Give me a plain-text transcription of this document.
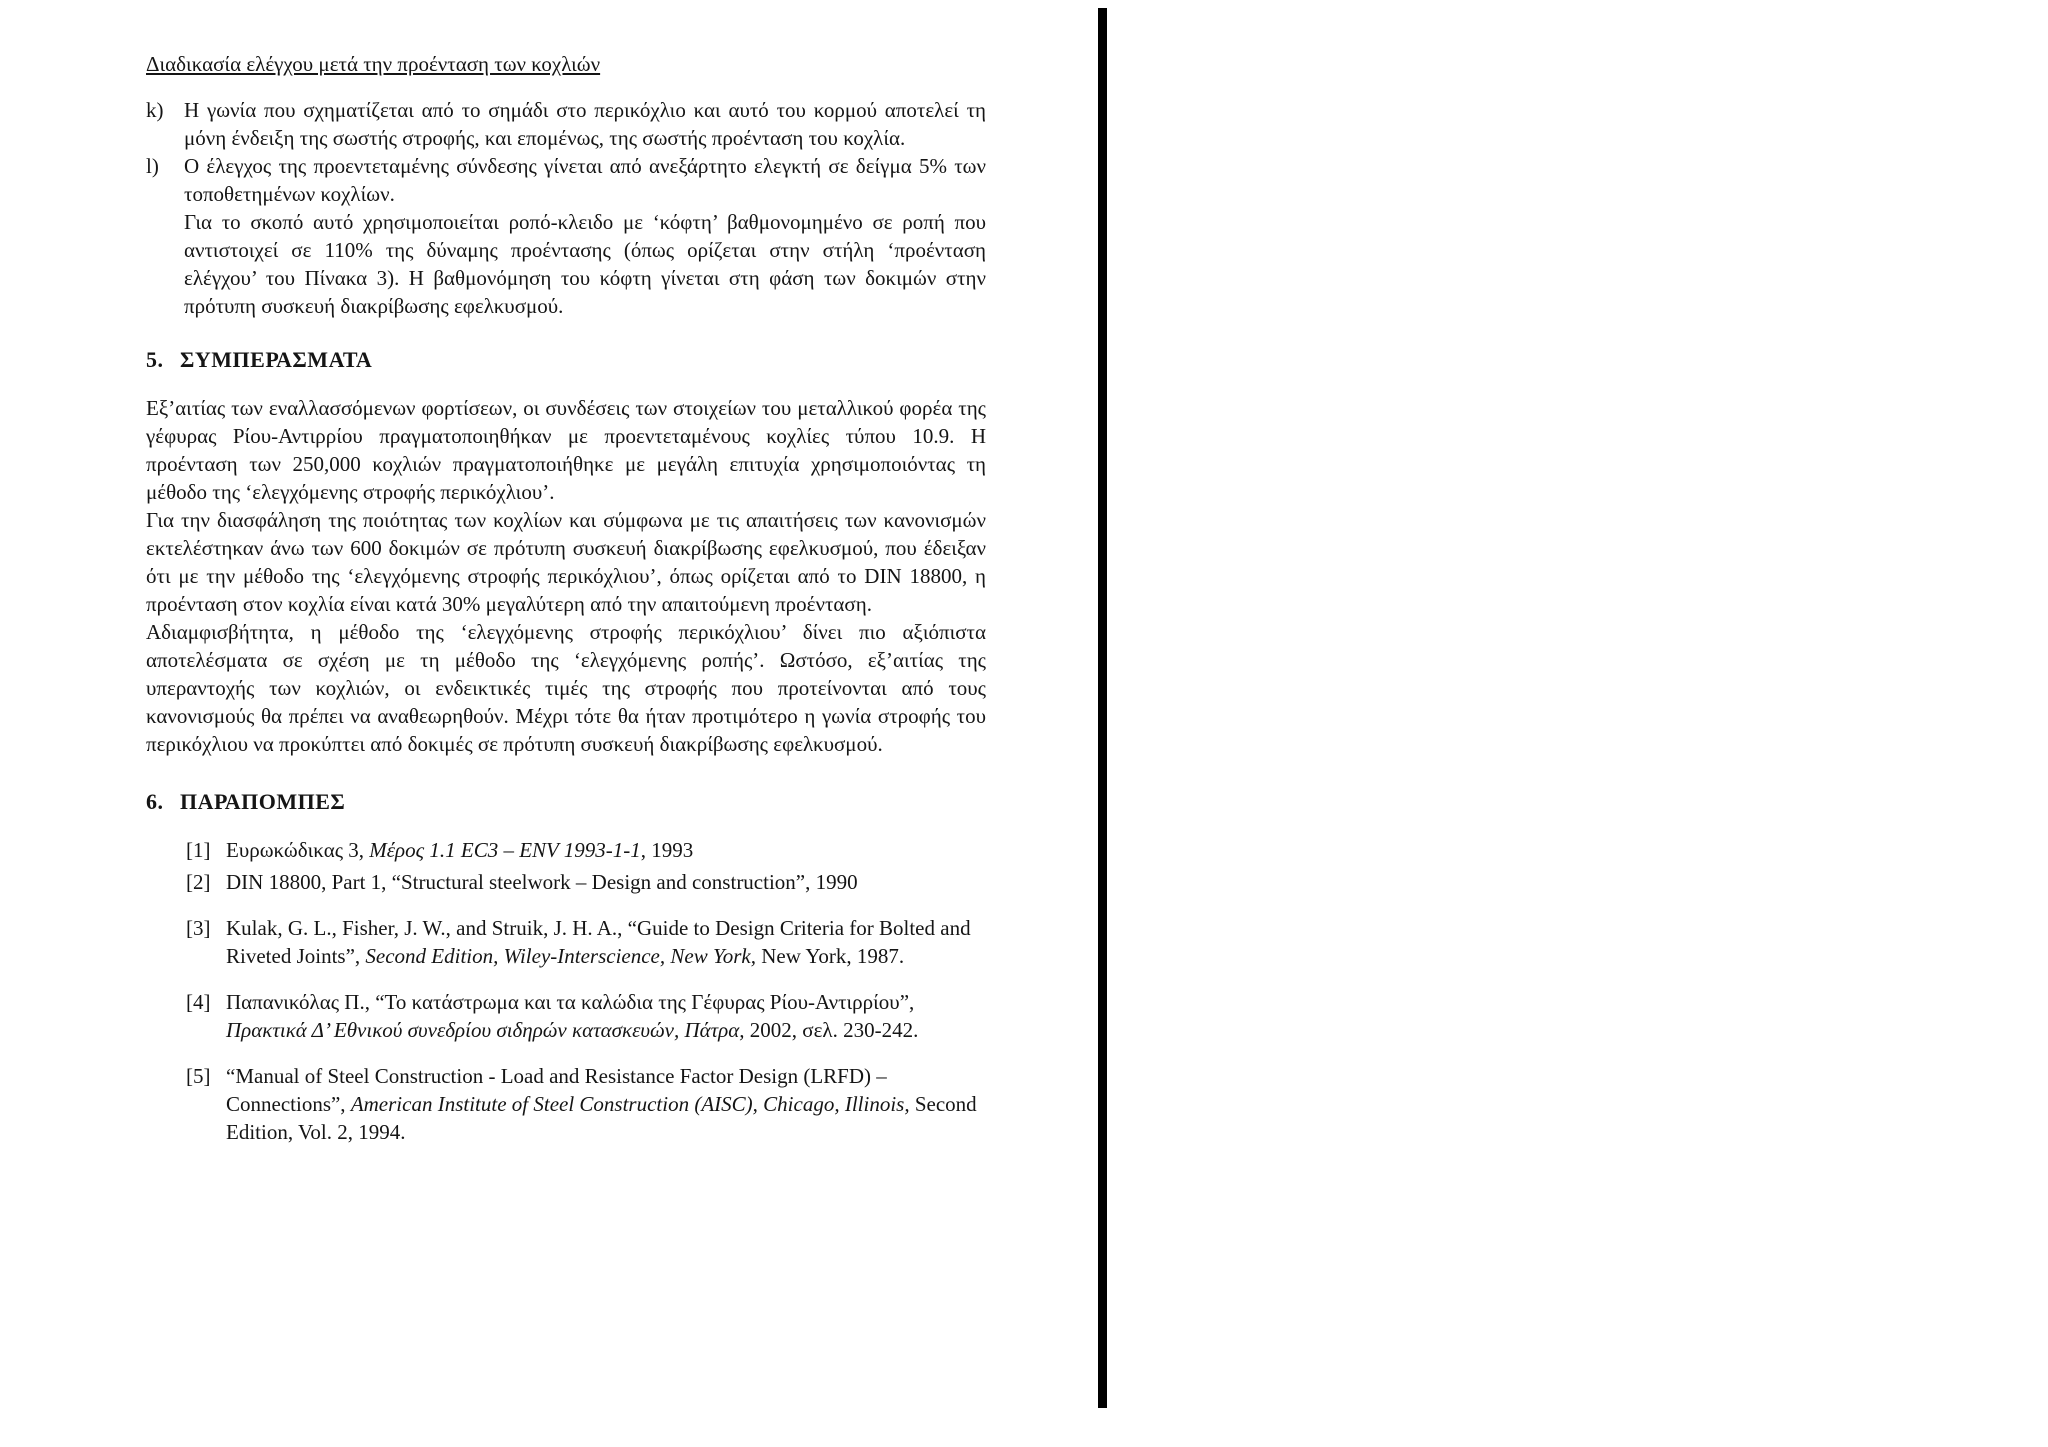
Διαδικασία ελέγχου μετά την προένταση των κοχλιών
k) Η γωνία που σχηματίζεται από το σημάδι στο περικόχλιο και αυτό του κορμού αποτελεί τη μόνη ένδειξη της σωστής στροφής, και επομένως, της σωστής προένταση του κοχλία.
l)	Ο έλεγχος της προεντεταμένης σύνδεσης γίνεται από ανεξάρτητο ελεγκτή σε δείγμα 5% των τοποθετημένων κοχλίων.
Για το σκοπό αυτό χρησιμοποιείται ροπό-κλειδο με ‘κόφτη’ βαθμονομημένο σε ροπή που αντιστοιχεί σε 110% της δύναμης προέντασης (όπως ορίζεται στην στήλη ‘προένταση ελέγχου’ του Πίνακα 3). Η βαθμονόμηση του κόφτη γίνεται στη φάση των δοκιμών στην πρότυπη συσκευή διακρίβωσης εφελκυσμού.
5. ΣΥΜΠΕΡΑΣΜΑΤΑ

Εξ’αιτίας των εναλλασσόμενων φορτίσεων, οι συνδέσεις των στοιχείων του μεταλλικού φορέα της γέφυρας Ρίου-Αντιρρίου πραγματοποιηθήκαν με προεντεταμένους κοχλίες τύπου 10.9. Η προένταση των 250,000 κοχλιών πραγματοποιήθηκε με μεγάλη επιτυχία χρησιμοποιόντας τη μέθοδο της ‘ελεγχόμενης στροφής περικόχλιου’.

Για την διασφάληση της ποιότητας των κοχλίων και σύμφωνα με τις απαιτήσεις των κανονισμών εκτελέστηκαν άνω των 600 δοκιμών σε πρότυπη συσκευή διακρίβωσης εφελκυσμού, που έδειξαν ότι με την μέθοδο της ‘ελεγχόμενης στροφής περικόχλιου’, όπως ορίζεται από το DIN 18800, η προένταση στον κοχλία είναι κατά 30% μεγαλύτερη από την απαιτούμενη προένταση.

Αδιαμφισβήτητα, η μέθοδο της ‘ελεγχόμενης στροφής περικόχλιου’ δίνει πιο αξιόπιστα αποτελέσματα σε σχέση με τη μέθοδο της ‘ελεγχόμενης ροπής’. Ωστόσο, εξ’αιτίας της υπεραντοχής των κοχλιών, οι ενδεικτικές τιμές της στροφής που προτείνονται από τους κανονισμούς θα πρέπει να αναθεωρηθούν. Μέχρι τότε θα ήταν προτιμότερο η γωνία στροφής του περικόχλιου να προκύπτει από δοκιμές σε πρότυπη συσκευή διακρίβωσης εφελκυσμού.

6. ΠΑΡΑΠΟΜΠΕΣ
[1] Ευρωκώδικας 3, Μέρος 1.1 EC3 – ENV 1993-1-1, 1993
[2] DIN 18800, Part 1, “Structural steelwork – Design and construction”, 1990
[3] Kulak, G. L., Fisher, J. W., and Struik, J. H. A., “Guide to Design Criteria for Bolted and Riveted Joints”, Second Edition, Wiley-Interscience, New York, New York, 1987.
[4] Παπανικόλας Π., “Το κατάστρωμα και τα καλώδια της Γέφυρας Ρίου-Αντιρρίου”, Πρακτικά Δ’ Εθνικού συνεδρίου σιδηρών κατασκευών, Πάτρα, 2002, σελ. 230-242.
[5] “Manual of Steel Construction - Load and Resistance Factor Design (LRFD) – Connections”, American Institute of Steel Construction (AISC), Chicago, Illinois, Second Edition, Vol. 2, 1994.
